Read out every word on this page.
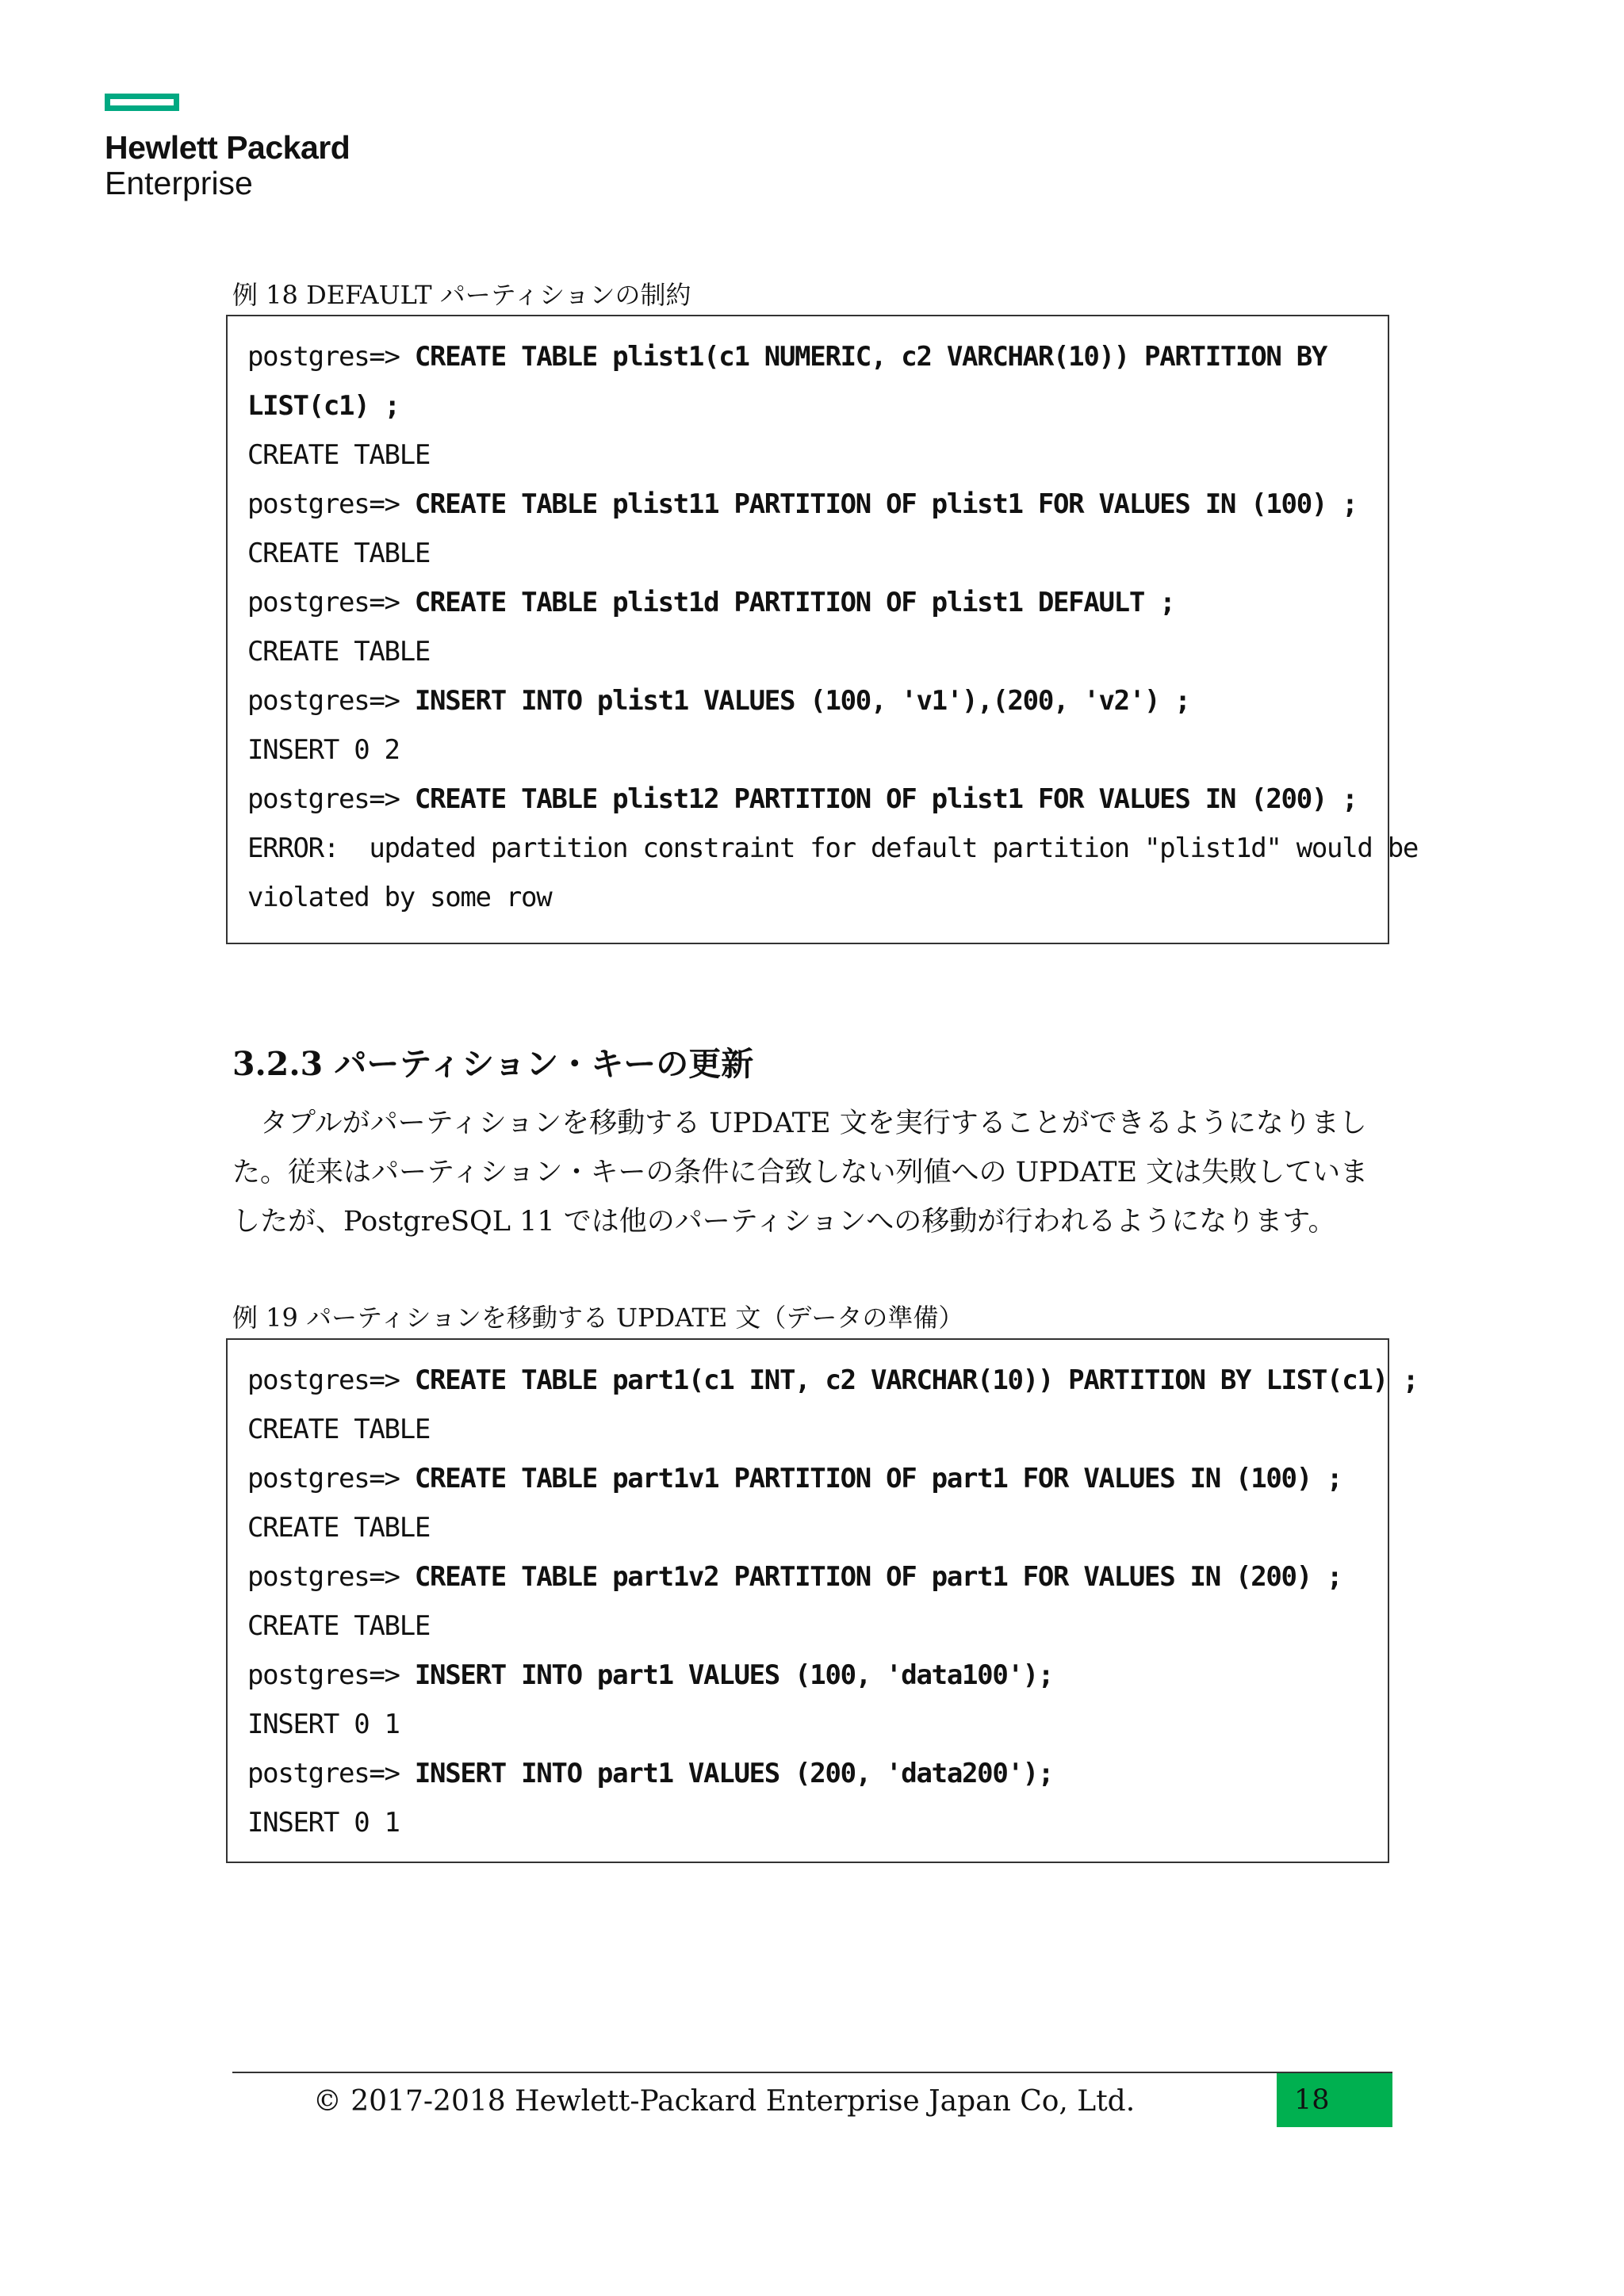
Hewlett Packard
Enterprise
例 18 DEFAULT パーティションの制約
postgres=> CREATE TABLE plist1(c1 NUMERIC, c2 VARCHAR(10)) PARTITION BY
LIST(c1) ;
CREATE TABLE
postgres=> CREATE TABLE plist11 PARTITION OF plist1 FOR VALUES IN (100) ;
CREATE TABLE
postgres=> CREATE TABLE plist1d PARTITION OF plist1 DEFAULT ;
CREATE TABLE
postgres=> INSERT INTO plist1 VALUES (100, 'v1'),(200, 'v2') ;
INSERT 0 2
postgres=> CREATE TABLE plist12 PARTITION OF plist1 FOR VALUES IN (200) ;
ERROR:  updated partition constraint for default partition "plist1d" would be
violated by some row
3.2.3 パーティション・キーの更新
タプルがパーティションを移動する UPDATE 文を実行することができるようになりました。従来はパーティション・キーの条件に合致しない列値への UPDATE 文は失敗していましたが、PostgreSQL 11 では他のパーティションへの移動が行われるようになります。
例 19 パーティションを移動する UPDATE 文（データの準備）
postgres=> CREATE TABLE part1(c1 INT, c2 VARCHAR(10)) PARTITION BY LIST(c1) ;
CREATE TABLE
postgres=> CREATE TABLE part1v1 PARTITION OF part1 FOR VALUES IN (100) ;
CREATE TABLE
postgres=> CREATE TABLE part1v2 PARTITION OF part1 FOR VALUES IN (200) ;
CREATE TABLE
postgres=> INSERT INTO part1 VALUES (100, 'data100');
INSERT 0 1
postgres=> INSERT INTO part1 VALUES (200, 'data200');
INSERT 0 1
© 2017-2018 Hewlett-Packard Enterprise Japan Co, Ltd.	18
